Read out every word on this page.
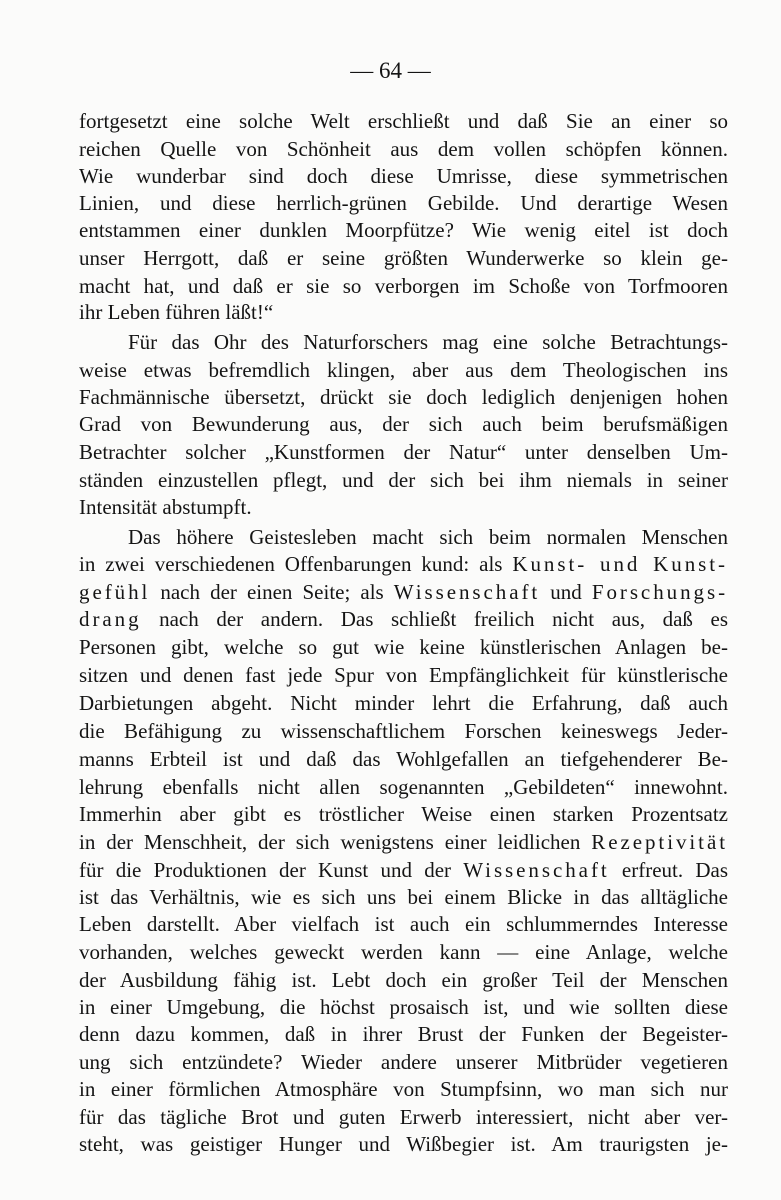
— 64 —
fortgesetzt eine solche Welt erschließt und daß Sie an einer so
reichen Quelle von Schönheit aus dem vollen schöpfen können.
Wie wunderbar sind doch diese Umrisse, diese symmetrischen
Linien, und diese herrlich-grünen Gebilde. Und derartige Wesen
entstammen einer dunklen Moorpfütze? Wie wenig eitel ist doch
unser Herrgott, daß er seine größten Wunderwerke so klein ge-
macht hat, und daß er sie so verborgen im Schoße von Torfmooren
ihr Leben führen läßt!“
Für das Ohr des Naturforschers mag eine solche Betrachtungs-
weise etwas befremdlich klingen, aber aus dem Theologischen ins
Fachmännische übersetzt, drückt sie doch lediglich denjenigen hohen
Grad von Bewunderung aus, der sich auch beim berufsmäßigen
Betrachter solcher „Kunstformen der Natur“ unter denselben Um-
ständen einzustellen pflegt, und der sich bei ihm niemals in seiner
Intensität abstumpft.
Das höhere Geistesleben macht sich beim normalen Menschen
in zwei verschiedenen Offenbarungen kund: als Kunst- und Kunst-
gefühl nach der einen Seite; als Wissenschaft und Forschungs-
drang nach der andern. Das schließt freilich nicht aus, daß es
Personen gibt, welche so gut wie keine künstlerischen Anlagen be-
sitzen und denen fast jede Spur von Empfänglichkeit für künstlerische
Darbietungen abgeht. Nicht minder lehrt die Erfahrung, daß auch
die Befähigung zu wissenschaftlichem Forschen keineswegs Jeder-
manns Erbteil ist und daß das Wohlgefallen an tiefgehenderer Be-
lehrung ebenfalls nicht allen sogenannten „Gebildeten“ innewohnt.
Immerhin aber gibt es tröstlicher Weise einen starken Prozentsatz
in der Menschheit, der sich wenigstens einer leidlichen Rezeptivität
für die Produktionen der Kunst und der Wissenschaft erfreut. Das
ist das Verhältnis, wie es sich uns bei einem Blicke in das alltägliche
Leben darstellt. Aber vielfach ist auch ein schlummerndes Interesse
vorhanden, welches geweckt werden kann — eine Anlage, welche
der Ausbildung fähig ist. Lebt doch ein großer Teil der Menschen
in einer Umgebung, die höchst prosaisch ist, und wie sollten diese
denn dazu kommen, daß in ihrer Brust der Funken der Begeister-
ung sich entzündete? Wieder andere unserer Mitbrüder vegetieren
in einer förmlichen Atmosphäre von Stumpfsinn, wo man sich nur
für das tägliche Brot und guten Erwerb interessiert, nicht aber ver-
steht, was geistiger Hunger und Wißbegier ist. Am traurigsten je-
